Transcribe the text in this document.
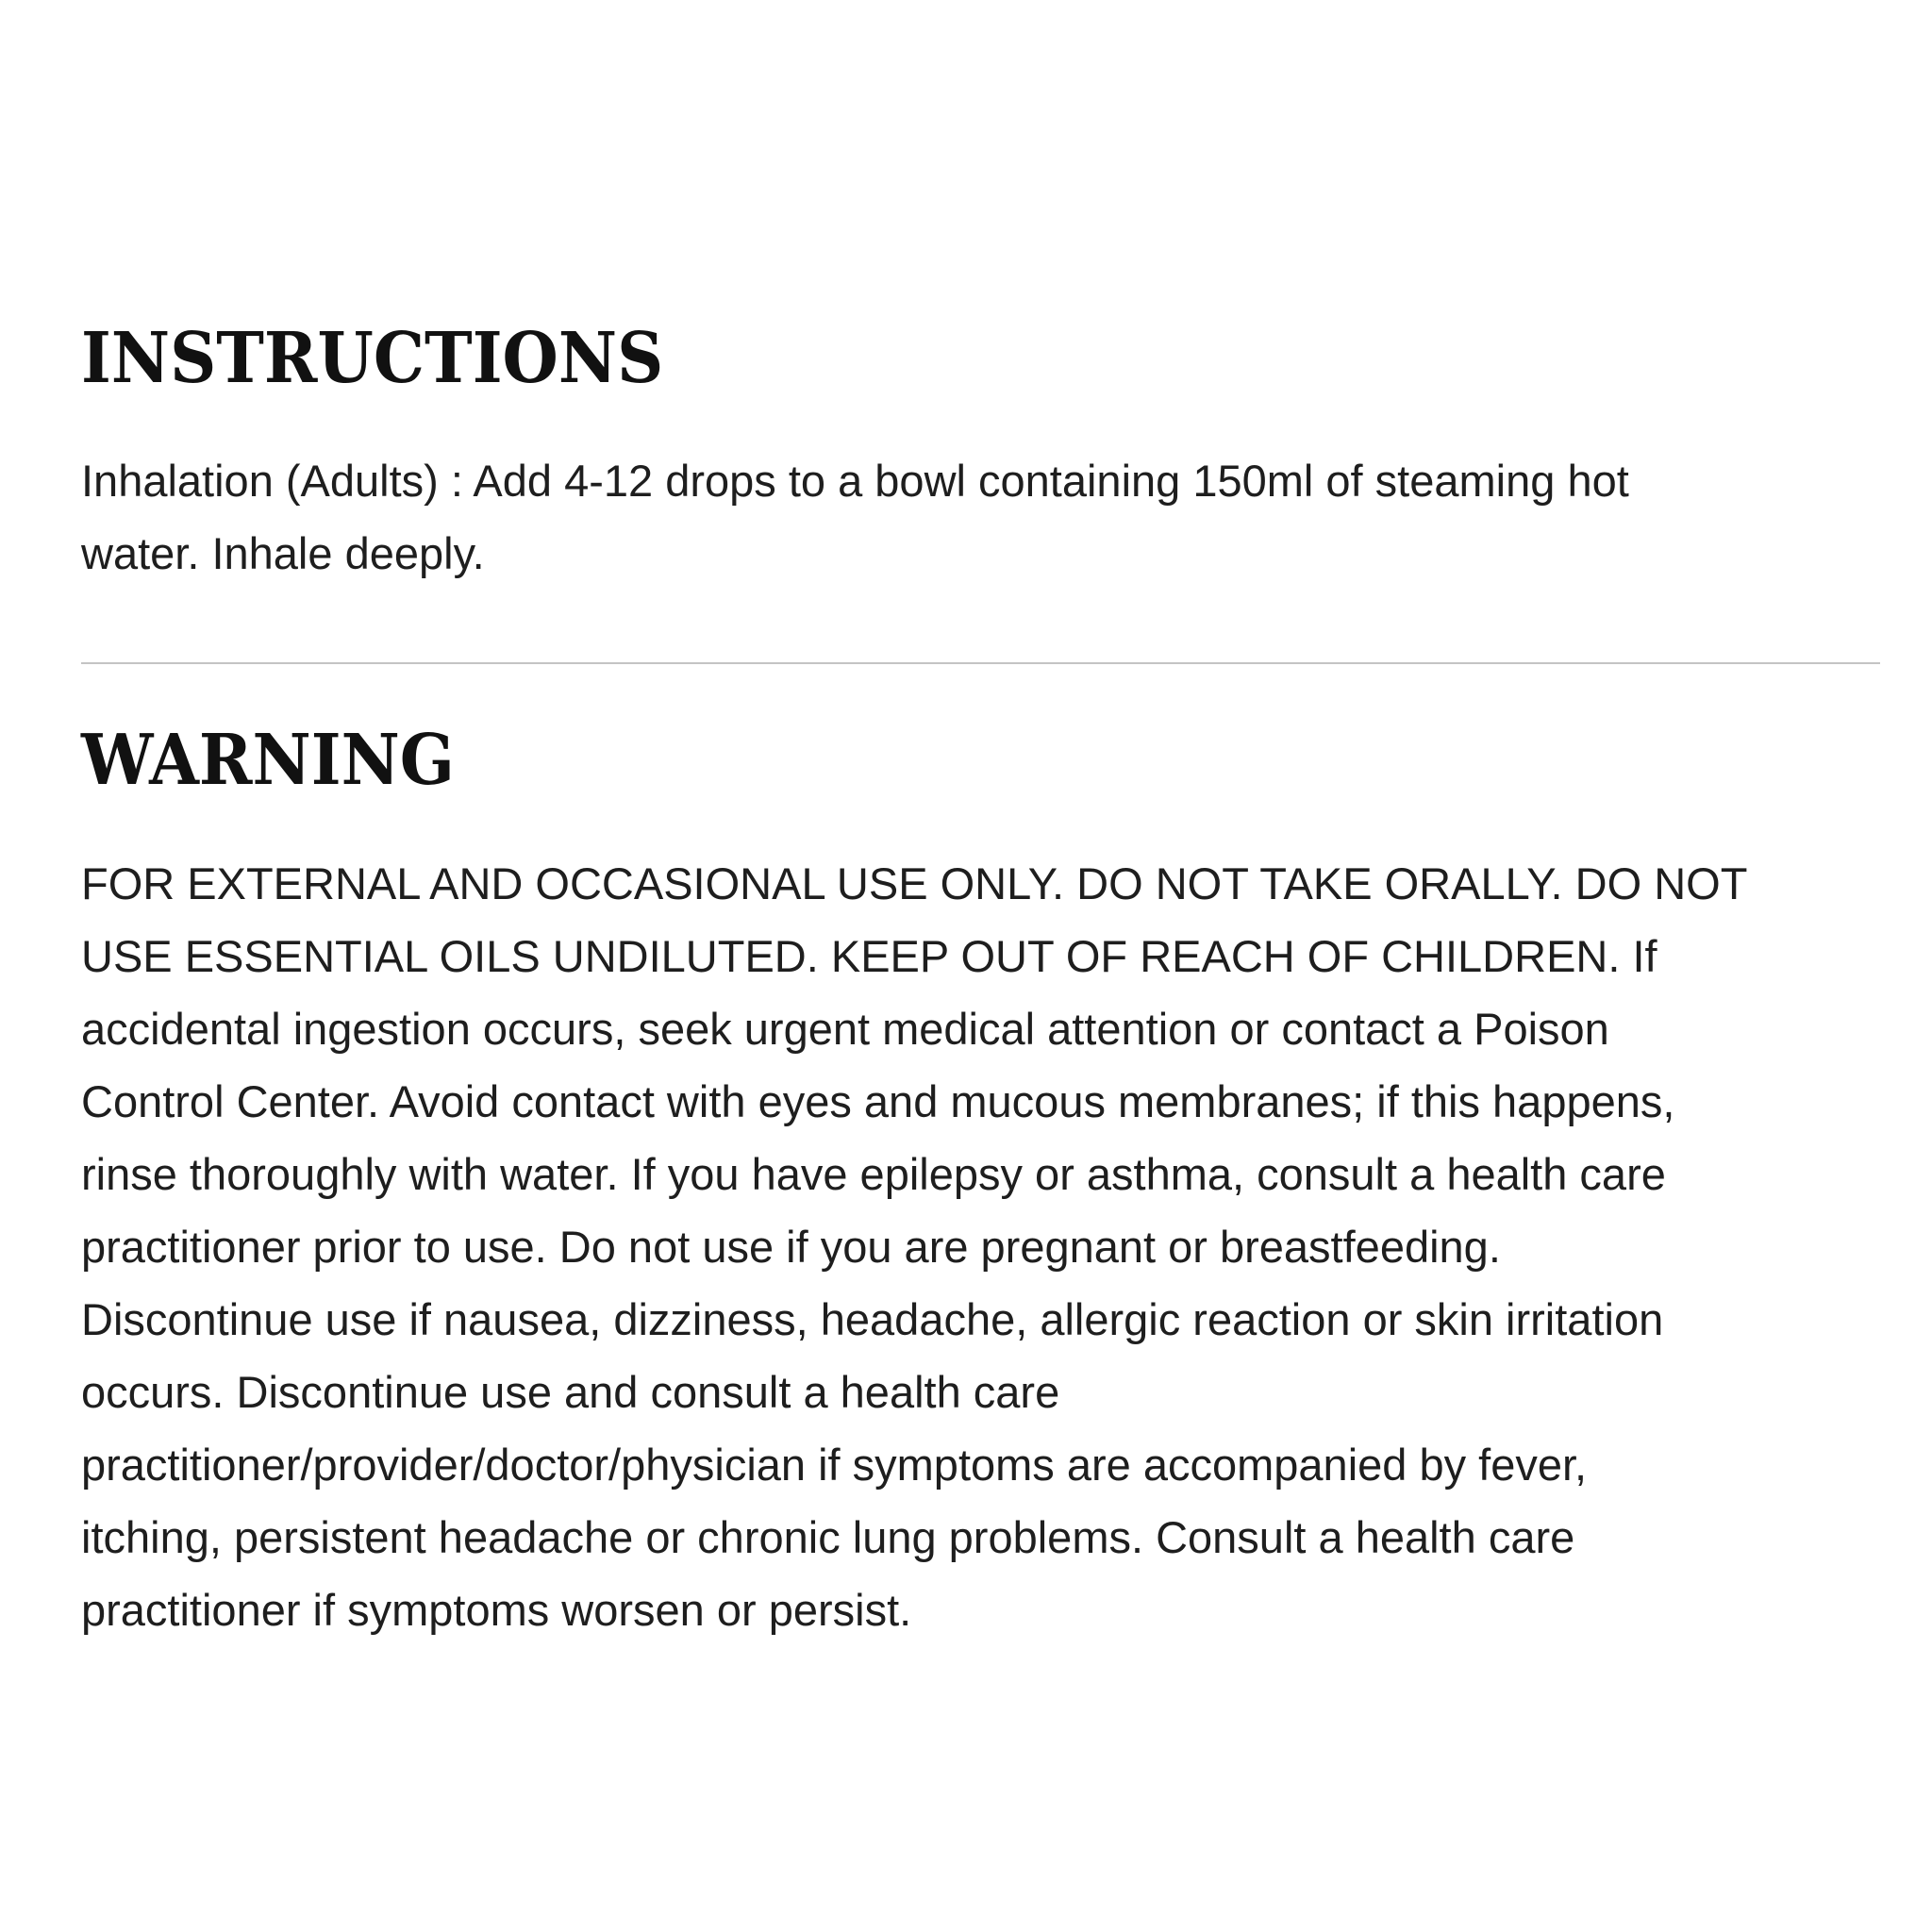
INSTRUCTIONS

Inhalation (Adults) : Add 4-12 drops to a bowl containing 150ml of steaming hot
water. Inhale deeply.

WARNING

FOR EXTERNAL AND OCCASIONAL USE ONLY. DO NOT TAKE ORALLY. DO NOT
USE ESSENTIAL OILS UNDILUTED. KEEP OUT OF REACH OF CHILDREN. If
accidental ingestion occurs, seek urgent medical attention or contact a Poison
Control Center. Avoid contact with eyes and mucous membranes; if this happens,
rinse thoroughly with water. If you have epilepsy or asthma, consult a health care
practitioner prior to use. Do not use if you are pregnant or breastfeeding.
Discontinue use if nausea, dizziness, headache, allergic reaction or skin irritation
occurs. Discontinue use and consult a health care
practitioner/provider/doctor/physician if symptoms are accompanied by fever,
itching, persistent headache or chronic lung problems. Consult a health care
practitioner if symptoms worsen or persist.
